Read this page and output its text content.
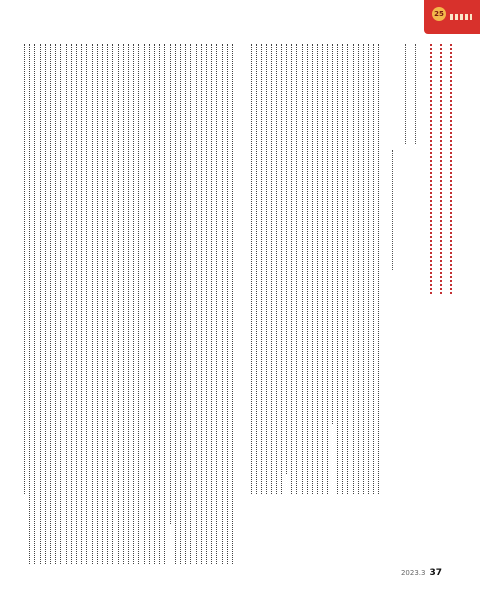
25
2023.3 37
